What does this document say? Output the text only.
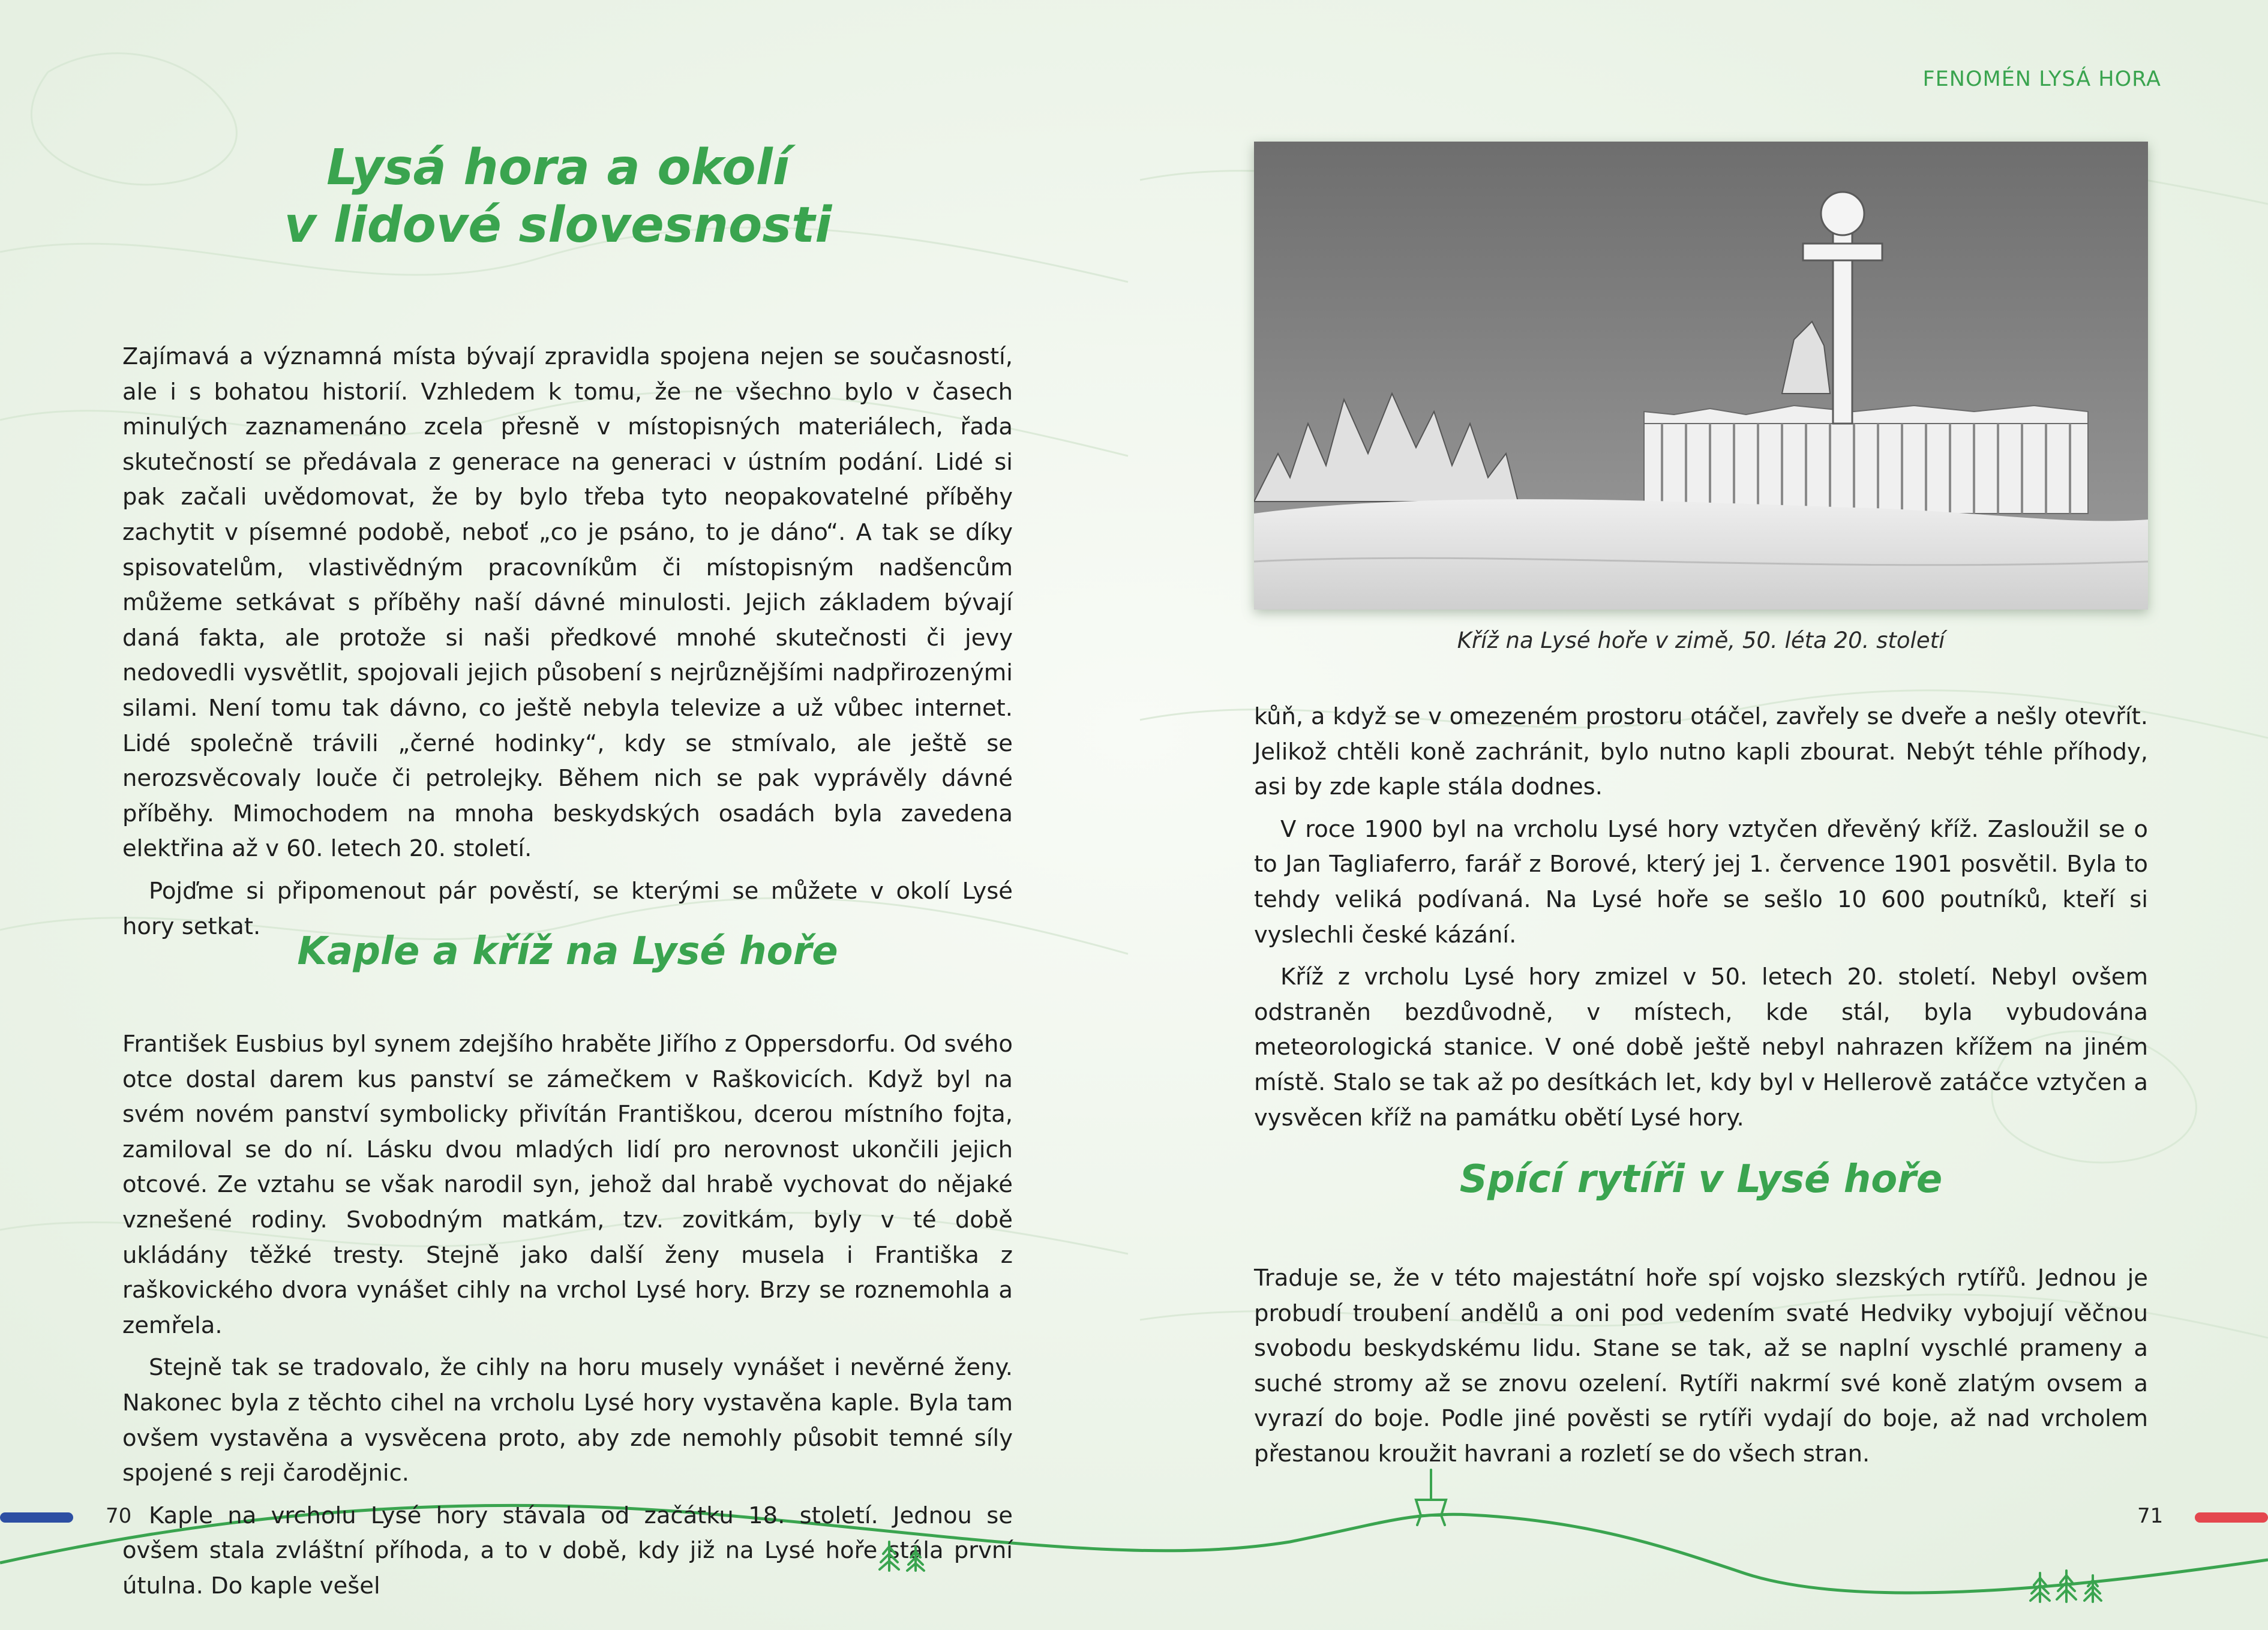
Lysá hora a okolí
v lidové slovesnosti

Zajímavá a významná místa bývají zpravidla spojena nejen se současností, ale i s bohatou historií. Vzhledem k tomu, že ne všechno bylo v časech minulých zaznamenáno zcela přesně v místopisných materiálech, řada skutečností se předávala z generace na generaci v ústním podání. Lidé si pak začali uvědomovat, že by bylo třeba tyto neopakovatelné příběhy zachytit v písemné podobě, neboť „co je psáno, to je dáno“. A tak se díky spisovatelům, vlastivědným pracovníkům či místopisným nadšencům můžeme setkávat s příběhy naší dávné minulosti. Jejich základem bývají daná fakta, ale protože si naši předkové mnohé skutečnosti či jevy nedovedli vysvětlit, spojovali jejich působení s nejrůznějšími nadpřirozenými silami. Není tomu tak dávno, co ještě nebyla televize a už vůbec internet. Lidé společně trávili „černé hodinky“, kdy se stmívalo, ale ještě se nerozsvěcovaly louče či petrolejky. Během nich se pak vyprávěly dávné příběhy. Mimochodem na mnoha beskydských osadách byla zavedena elektřina až v 60. letech 20. století.

Pojďme si připomenout pár pověstí, se kterými se můžete v okolí Lysé hory setkat.

Kaple a kříž na Lysé hoře

František Eusbius byl synem zdejšího hraběte Jiřího z Oppersdorfu. Od svého otce dostal darem kus panství se zámečkem v Raškovicích. Když byl na svém novém panství symbolicky přivítán Františkou, dcerou místního fojta, zamiloval se do ní. Lásku dvou mladých lidí pro nerovnost ukončili jejich otcové. Ze vztahu se však narodil syn, jehož dal hrabě vychovat do nějaké vznešené rodiny. Svobodným matkám, tzv. zovitkám, byly v té době ukládány těžké tresty. Stejně jako další ženy musela i Františka z raškovického dvora vynášet cihly na vrchol Lysé hory. Brzy se roznemohla a zemřela.

Stejně tak se tradovalo, že cihly na horu musely vynášet i nevěrné ženy. Nakonec byla z těchto cihel na vrcholu Lysé hory vystavěna kaple. Byla tam ovšem vystavěna a vysvěcena proto, aby zde nemohly působit temné síly spojené s reji čarodějnic.

Kaple na vrcholu Lysé hory stávala od začátku 18. století. Jednou se ovšem stala zvláštní příhoda, a to v době, kdy již na Lysé hoře stála první útulna. Do kaple vešel

70
FENOMÉN LYSÁ HORA
Kříž na Lysé hoře v zimě, 50. léta 20. století

kůň, a když se v omezeném prostoru otáčel, zavřely se dveře a nešly otevřít. Jelikož chtěli koně zachránit, bylo nutno kapli zbourat. Nebýt téhle příhody, asi by zde kaple stála dodnes.

V roce 1900 byl na vrcholu Lysé hory vztyčen dřevěný kříž. Zasloužil se o to Jan Tagliaferro, farář z Borové, který jej 1. července 1901 posvětil. Byla to tehdy veliká podívaná. Na Lysé hoře se sešlo 10 600 poutníků, kteří si vyslechli české kázání.

Kříž z vrcholu Lysé hory zmizel v 50. letech 20. století. Nebyl ovšem odstraněn bezdůvodně, v místech, kde stál, byla vybudována meteorologická stanice. V oné době ještě nebyl nahrazen křížem na jiném místě. Stalo se tak až po desítkách let, kdy byl v Hellerově zatáčce vztyčen a vysvěcen kříž na památku obětí Lysé hory.

Spící rytíři v Lysé hoře

Traduje se, že v této majestátní hoře spí vojsko slezských rytířů. Jednou je probudí troubení andělů a oni pod vedením svaté Hedviky vybojují věčnou svobodu beskydskému lidu. Stane se tak, až se naplní vyschlé prameny a suché stromy až se znovu ozelení. Rytíři nakrmí své koně zlatým ovsem a vyrazí do boje. Podle jiné pověsti se rytíři vydají do boje, až nad vrcholem přestanou kroužit havrani a rozletí se do všech stran.

71
